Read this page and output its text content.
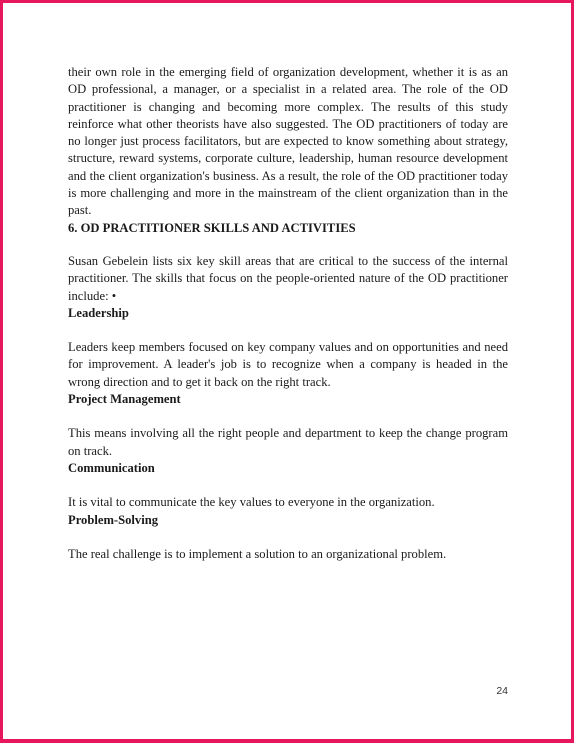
their own role in the emerging field of organization development, whether it is as an OD professional, a manager, or a specialist in a related area. The role of the OD practitioner is changing and becoming more complex. The results of this study reinforce what other theorists have also suggested. The OD practitioners of today are no longer just process facilitators, but are expected to know something about strategy, structure, reward systems, corporate culture, leadership, human resource development and the client organization's business. As a result, the role of the OD practitioner today is more challenging and more in the mainstream of the client organization than in the past.

6. OD PRACTITIONER SKILLS AND ACTIVITIES

Susan Gebelein lists six key skill areas that are critical to the success of the internal practitioner. The skills that focus on the people-oriented nature of the OD practitioner include: •

Leadership

Leaders keep members focused on key company values and on opportunities and need for improvement. A leader's job is to recognize when a company is headed in the wrong direction and to get it back on the right track.

Project Management

This means involving all the right people and department to keep the change program on track.

Communication

It is vital to communicate the key values to everyone in the organization.

Problem-Solving

The real challenge is to implement a solution to an organizational problem.

24
